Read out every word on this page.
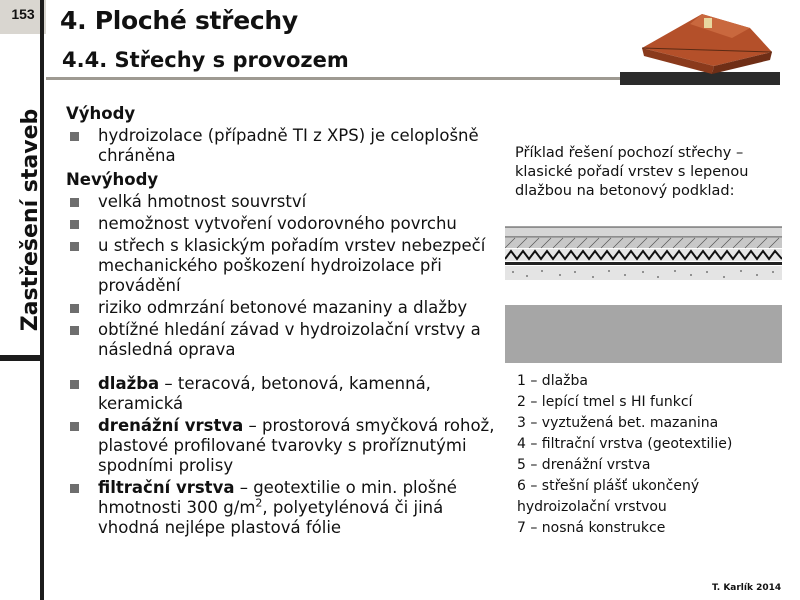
153
Zastřešení staveb
4. Ploché střechy
4.4. Střechy s provozem

Výhody

hydroizolace (případně TI z XPS) je celoplošně chráněna

Nevýhody

velká hmotnost souvrství
nemožnost vytvoření vodorovného povrchu
u střech s klasickým pořadím vrstev nebezpečí mechanického poškození hydroizolace při provádění
riziko odmrzání betonové mazaniny a dlažby
obtížné hledání závad v hydroizolační vrstvy a následná oprava
dlažba – teracová, betonová, kamenná, keramická
drenážní vrstva – prostorová smyčková rohož, plastové profilované tvarovky s proříznutými spodními prolisy
filtrační vrstva – geotextilie o min. plošné hmotnosti 300 $g/m^2$, polyetylénová či jiná vhodná nejlépe plastová fólie
Příklad řešení pochozí střechy – klasické pořadí vrstev s lepenou dlažbou na betonový podklad:
1 – dlažba
2 – lepící tmel s HI funkcí
3 – vyztužená bet. mazanina
4 – filtrační vrstva (geotextilie)
5 – drenážní vrstva
6 – střešní plášť ukončený hydroizolační vrstvou
7 – nosná konstrukce
T. Karlík 2014
